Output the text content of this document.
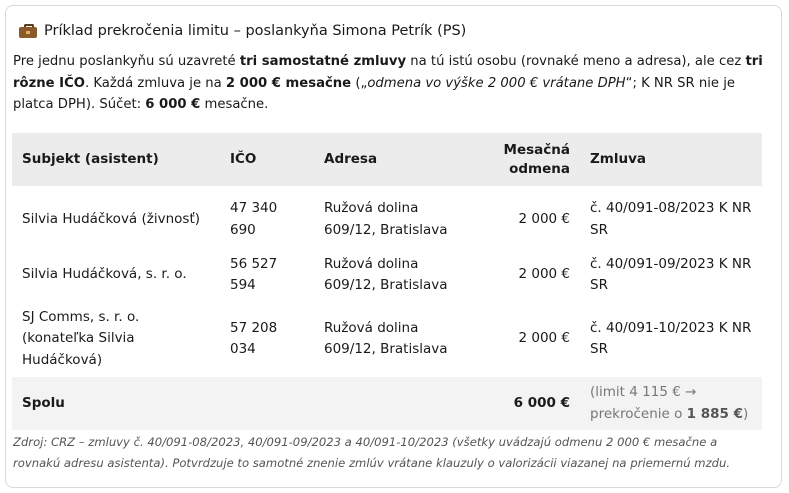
Príklad prekročenia limitu – poslankyňa Simona Petrík (PS)
Pre jednu poslankyňu sú uzavreté tri samostatné zmluvy na tú istú osobu (rovnaké meno a adresa), ale cez tri rôzne IČO. Každá zmluva je na 2 000 € mesačne („odmena vo výške 2 000 € vrátane DPH“; K NR SR nie je platca DPH). Súčet: 6 000 € mesačne.
Subjekt (asistent)	IČO	Adresa	Mesačná odmena	Zmluva
Silvia Hudáčková (živnosť)	47 340 690	Ružová dolina 609/12, Bratislava	2 000 €	č. 40/091-08/2023 K NR SR
Silvia Hudáčková, s. r. o.	56 527 594	Ružová dolina 609/12, Bratislava	2 000 €	č. 40/091-09/2023 K NR SR
SJ Comms, s. r. o. (konateľka Silvia Hudáčková)	57 208 034	Ružová dolina 609/12, Bratislava	2 000 €	č. 40/091-10/2023 K NR SR
Spolu			6 000 €	(limit 4 115 € → prekročenie o 1 885 €)
Zdroj: CRZ – zmluvy č. 40/091-08/2023, 40/091-09/2023 a 40/091-10/2023 (všetky uvádzajú odmenu 2 000 € mesačne a rovnakú adresu asistenta). Potvrdzuje to samotné znenie zmlúv vrátane klauzuly o valorizácii viazanej na priemernú mzdu.
